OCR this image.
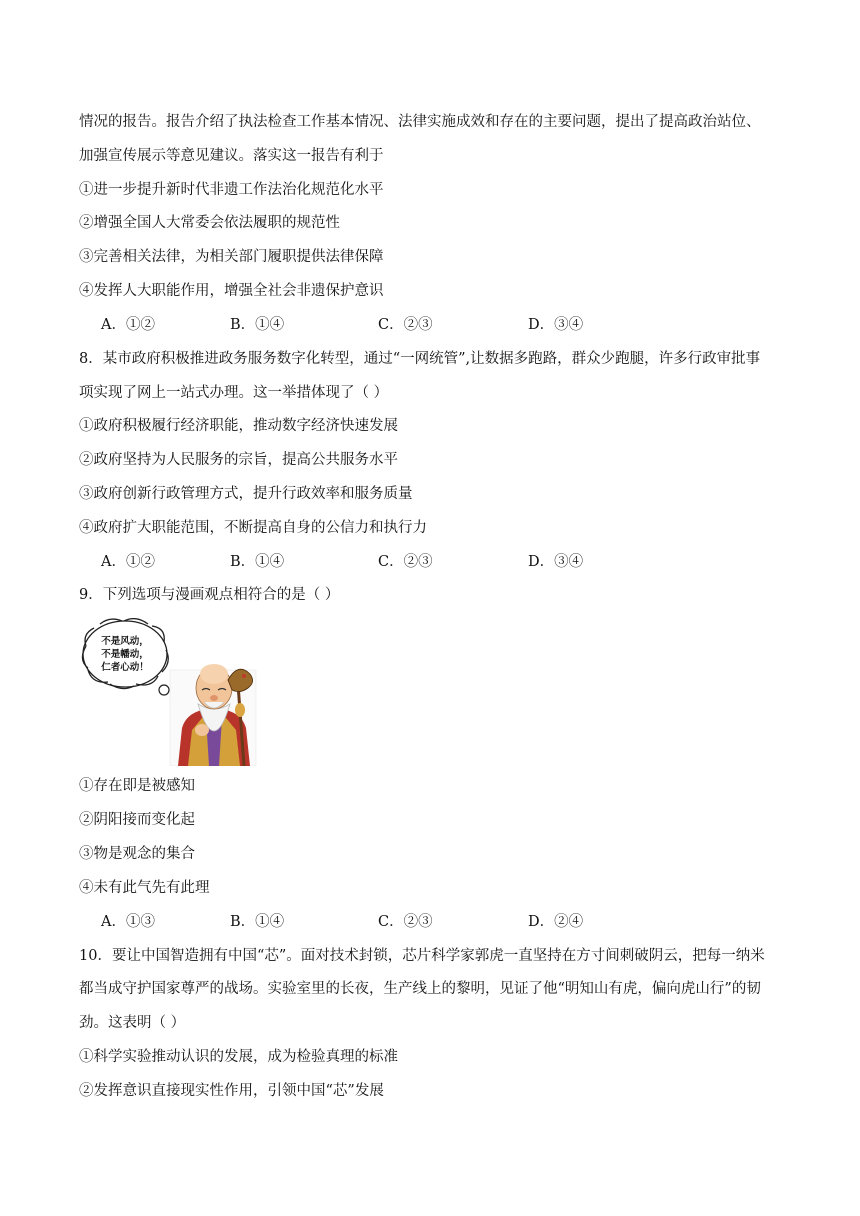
情况的报告。报告介绍了执法检查工作基本情况、法律实施成效和存在的主要问题，提出了提高政治站位、
加强宣传展示等意见建议。落实这一报告有利于
①进一步提升新时代非遗工作法治化规范化水平
②增强全国人大常委会依法履职的规范性
③完善相关法律，为相关部门履职提供法律保障
④发挥人大职能作用，增强全社会非遗保护意识
A．①②	B．①④	C．②③	D．③④
8．某市政府积极推进政务服务数字化转型，通过“一网统管”,让数据多跑路，群众少跑腿，许多行政审批事
项实现了网上一站式办理。这一举措体现了（ ）
①政府积极履行经济职能，推动数字经济快速发展
②政府坚持为人民服务的宗旨，提高公共服务水平
③政府创新行政管理方式，提升行政效率和服务质量
④政府扩大职能范围，不断提高自身的公信力和执行力
A．①②	B．①④	C．②③	D．③④
9．下列选项与漫画观点相符合的是（ ）
不是风动，
不是幡动，
仁者心动！
①存在即是被感知
②阴阳接而变化起
③物是观念的集合
④未有此气先有此理
A．①③	B．①④	C．②③	D．②④
10．要让中国智造拥有中国“芯”。面对技术封锁，芯片科学家郭虎一直坚持在方寸间刺破阴云，把每一纳米
都当成守护国家尊严的战场。实验室里的长夜，生产线上的黎明，见证了他“明知山有虎，偏向虎山行”的韧
劲。这表明（ ）
①科学实验推动认识的发展，成为检验真理的标准
②发挥意识直接现实性作用，引领中国“芯”发展
